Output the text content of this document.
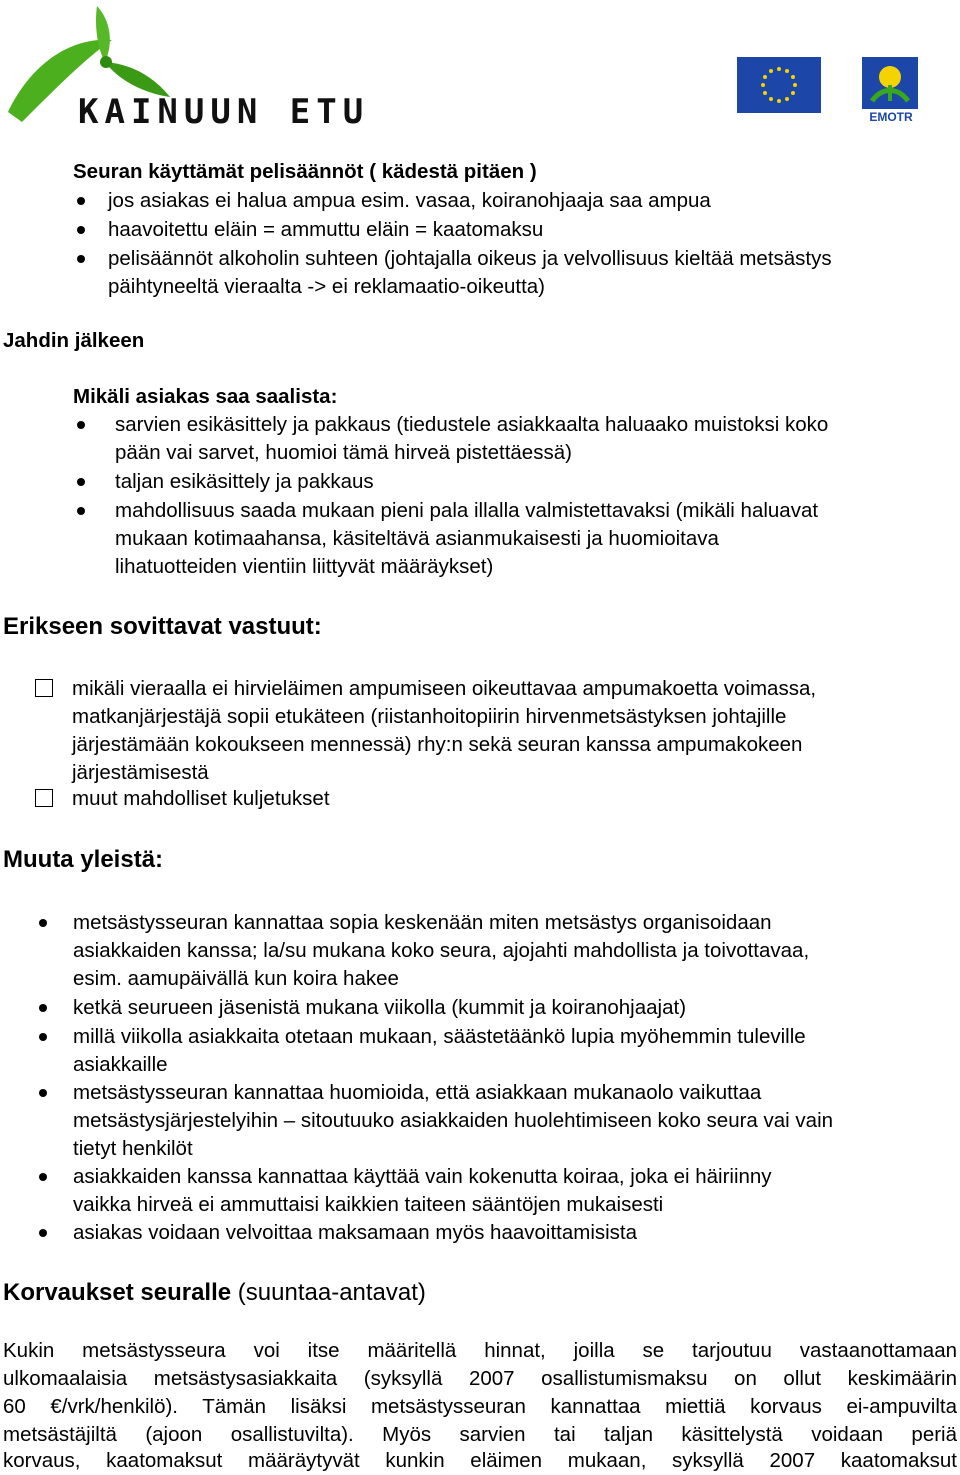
KAINUUN ETU	EMOTR
Seuran käyttämät pelisäännöt ( kädestä pitäen )
jos asiakas ei halua ampua esim. vasaa, koiranohjaaja saa ampua
haavoitettu eläin = ammuttu eläin = kaatomaksu
pelisäännöt alkoholin suhteen (johtajalla oikeus ja velvollisuus kieltää metsästys
päihtyneeltä vieraalta -> ei reklamaatio-oikeutta)
Jahdin jälkeen
Mikäli asiakas saa saalista:
sarvien esikäsittely ja pakkaus (tiedustele asiakkaalta haluaako muistoksi koko
pään vai sarvet, huomioi tämä hirveä pistettäessä)
taljan esikäsittely ja pakkaus
mahdollisuus saada mukaan pieni pala illalla valmistettavaksi (mikäli haluavat
mukaan kotimaahansa, käsiteltävä asianmukaisesti ja huomioitava
lihatuotteiden vientiin liittyvät määräykset)
Erikseen sovittavat vastuut:
mikäli vieraalla ei hirvieläimen ampumiseen oikeuttavaa ampumakoetta voimassa,
matkanjärjestäjä sopii etukäteen (riistanhoitopiirin hirvenmetsästyksen johtajille
järjestämään kokoukseen mennessä) rhy:n sekä seuran kanssa ampumakokeen
järjestämisestä
muut mahdolliset kuljetukset
Muuta yleistä:
metsästysseuran kannattaa sopia keskenään miten metsästys organisoidaan
asiakkaiden kanssa; la/su mukana koko seura, ajojahti mahdollista ja toivottavaa,
esim. aamupäivällä kun koira hakee
ketkä seurueen jäsenistä mukana viikolla (kummit ja koiranohjaajat)
millä viikolla asiakkaita otetaan mukaan, säästetäänkö lupia myöhemmin tuleville
asiakkaille
metsästysseuran kannattaa huomioida, että asiakkaan mukanaolo vaikuttaa
metsästysjärjestelyihin – sitoutuuko asiakkaiden huolehtimiseen koko seura vai vain
tietyt henkilöt
asiakkaiden kanssa kannattaa käyttää vain kokenutta koiraa, joka ei häiriinny
vaikka hirveä ei ammuttaisi kaikkien taiteen sääntöjen mukaisesti
asiakas voidaan velvoittaa maksamaan myös haavoittamisista
Korvaukset seuralle (suuntaa-antavat)
Kukin metsästysseura voi itse määritellä hinnat, joilla se tarjoutuu vastaanottamaan
ulkomaalaisia metsästysasiakkaita (syksyllä 2007 osallistumismaksu on ollut keskimäärin
60 €/vrk/henkilö). Tämän lisäksi metsästysseuran kannattaa miettiä korvaus ei-ampuvilta
metsästäjiltä (ajoon osallistuvilta). Myös sarvien tai taljan käsittelystä voidaan periä
korvaus, kaatomaksut määräytyvät kunkin eläimen mukaan, syksyllä 2007 kaatomaksut
